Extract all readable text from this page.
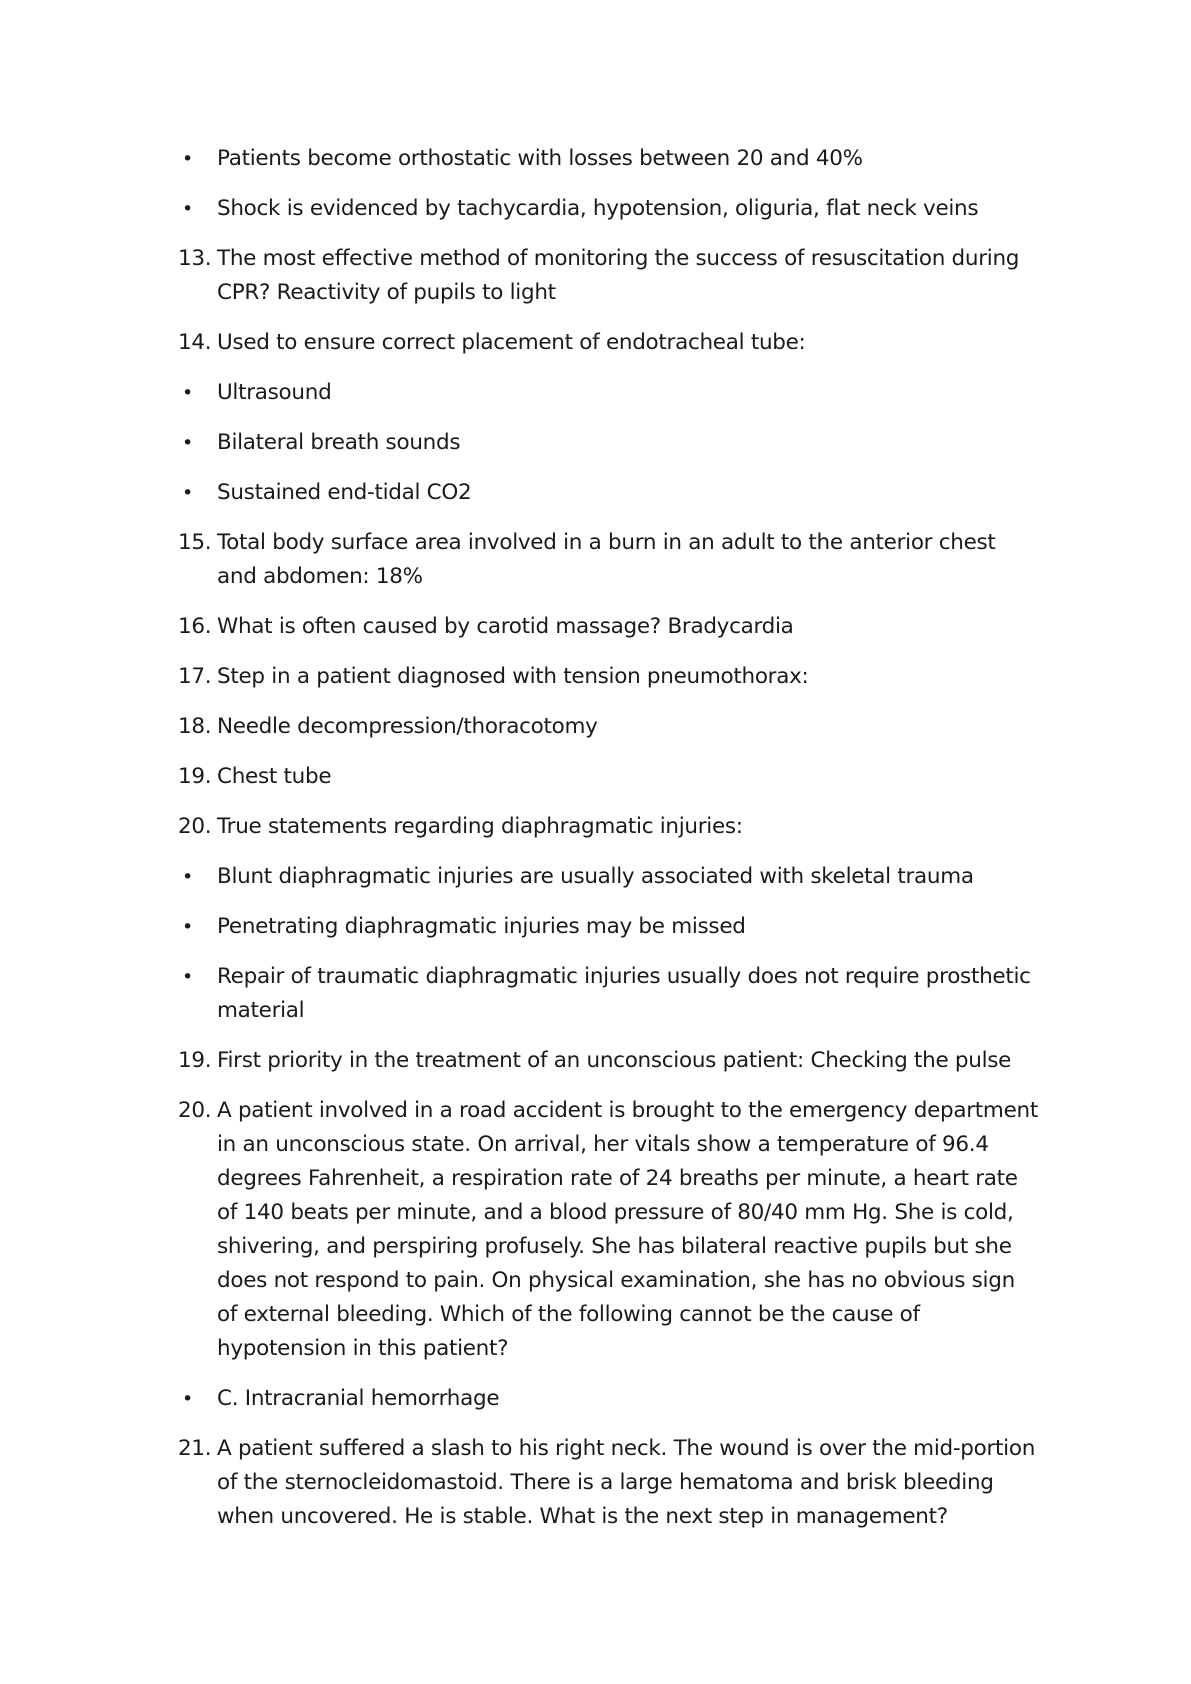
• Patients become orthostatic with losses between 20 and 40%
• Shock is evidenced by tachycardia, hypotension, oliguria, flat neck veins
13. The most effective method of monitoring the success of resuscitation during CPR? Reactivity of pupils to light
14. Used to ensure correct placement of endotracheal tube:
• Ultrasound
• Bilateral breath sounds
• Sustained end-tidal CO2
15. Total body surface area involved in a burn in an adult to the anterior chest and abdomen: 18%
16. What is often caused by carotid massage? Bradycardia
17. Step in a patient diagnosed with tension pneumothorax:
18. Needle decompression/thoracotomy
19. Chest tube
20. True statements regarding diaphragmatic injuries:
• Blunt diaphragmatic injuries are usually associated with skeletal trauma
• Penetrating diaphragmatic injuries may be missed
• Repair of traumatic diaphragmatic injuries usually does not require prosthetic material
19. First priority in the treatment of an unconscious patient: Checking the pulse
20. A patient involved in a road accident is brought to the emergency department in an unconscious state. On arrival, her vitals show a temperature of 96.4 degrees Fahrenheit, a respiration rate of 24 breaths per minute, a heart rate of 140 beats per minute, and a blood pressure of 80/40 mm Hg. She is cold, shivering, and perspiring profusely. She has bilateral reactive pupils but she does not respond to pain. On physical examination, she has no obvious sign of external bleeding. Which of the following cannot be the cause of hypotension in this patient?
• C. Intracranial hemorrhage
21. A patient suffered a slash to his right neck. The wound is over the mid-portion of the sternocleidomastoid. There is a large hematoma and brisk bleeding when uncovered. He is stable. What is the next step in management?
